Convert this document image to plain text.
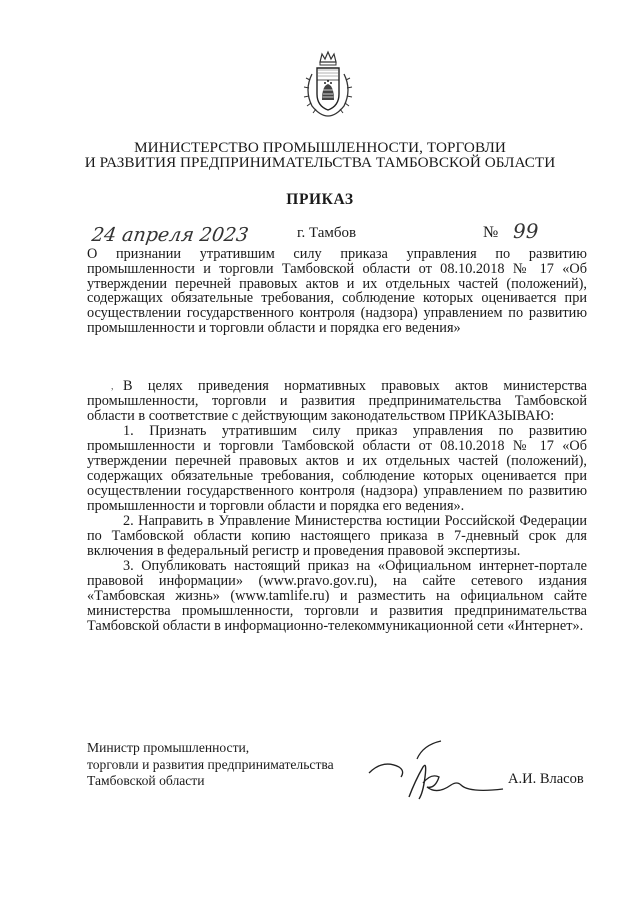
МИНИСТЕРСТВО ПРОМЫШЛЕННОСТИ, ТОРГОВЛИ
И РАЗВИТИЯ ПРЕДПРИНИМАТЕЛЬСТВА ТАМБОВСКОЙ ОБЛАСТИ
ПРИКАЗ
24 апреля 2023	г. Тамбов	№ 99
О признании утратившим силу приказа управления по развитию промышленности и торговли Тамбовской области от 08.10.2018 № 17 «Об утверждении перечней правовых актов и их отдельных частей (положений), содержащих обязательные требования, соблюдение которых оценивается при осуществлении государственного контроля (надзора) управлением по развитию промышленности и торговли области и порядка его ведения»
, В целях приведения нормативных правовых актов министерства промышленности, торговли и развития предпринимательства Тамбовской области в соответствие с действующим законодательством ПРИКАЗЫВАЮ:

1. Признать утратившим силу приказ управления по развитию промышленности и торговли Тамбовской области от 08.10.2018 № 17 «Об утверждении перечней правовых актов и их отдельных частей (положений), содержащих обязательные требования, соблюдение которых оценивается при осуществлении государственного контроля (надзора) управлением по развитию промышленности и торговли области и порядка его ведения».

2. Направить в Управление Министерства юстиции Российской Федерации по Тамбовской области копию настоящего приказа в 7-дневный срок для включения в федеральный регистр и проведения правовой экспертизы.

3. Опубликовать настоящий приказ на «Официальном интернет-портале правовой информации» (www.pravo.gov.ru), на сайте сетевого издания «Тамбовская жизнь» (www.tamlife.ru) и разместить на официальном сайте министерства промышленности, торговли и развития предпринимательства Тамбовской области в информационно-телекоммуникационной сети «Интернет».

Министр промышленности,
торговли и развития предпринимательства
Тамбовской области	А.И. Власов
